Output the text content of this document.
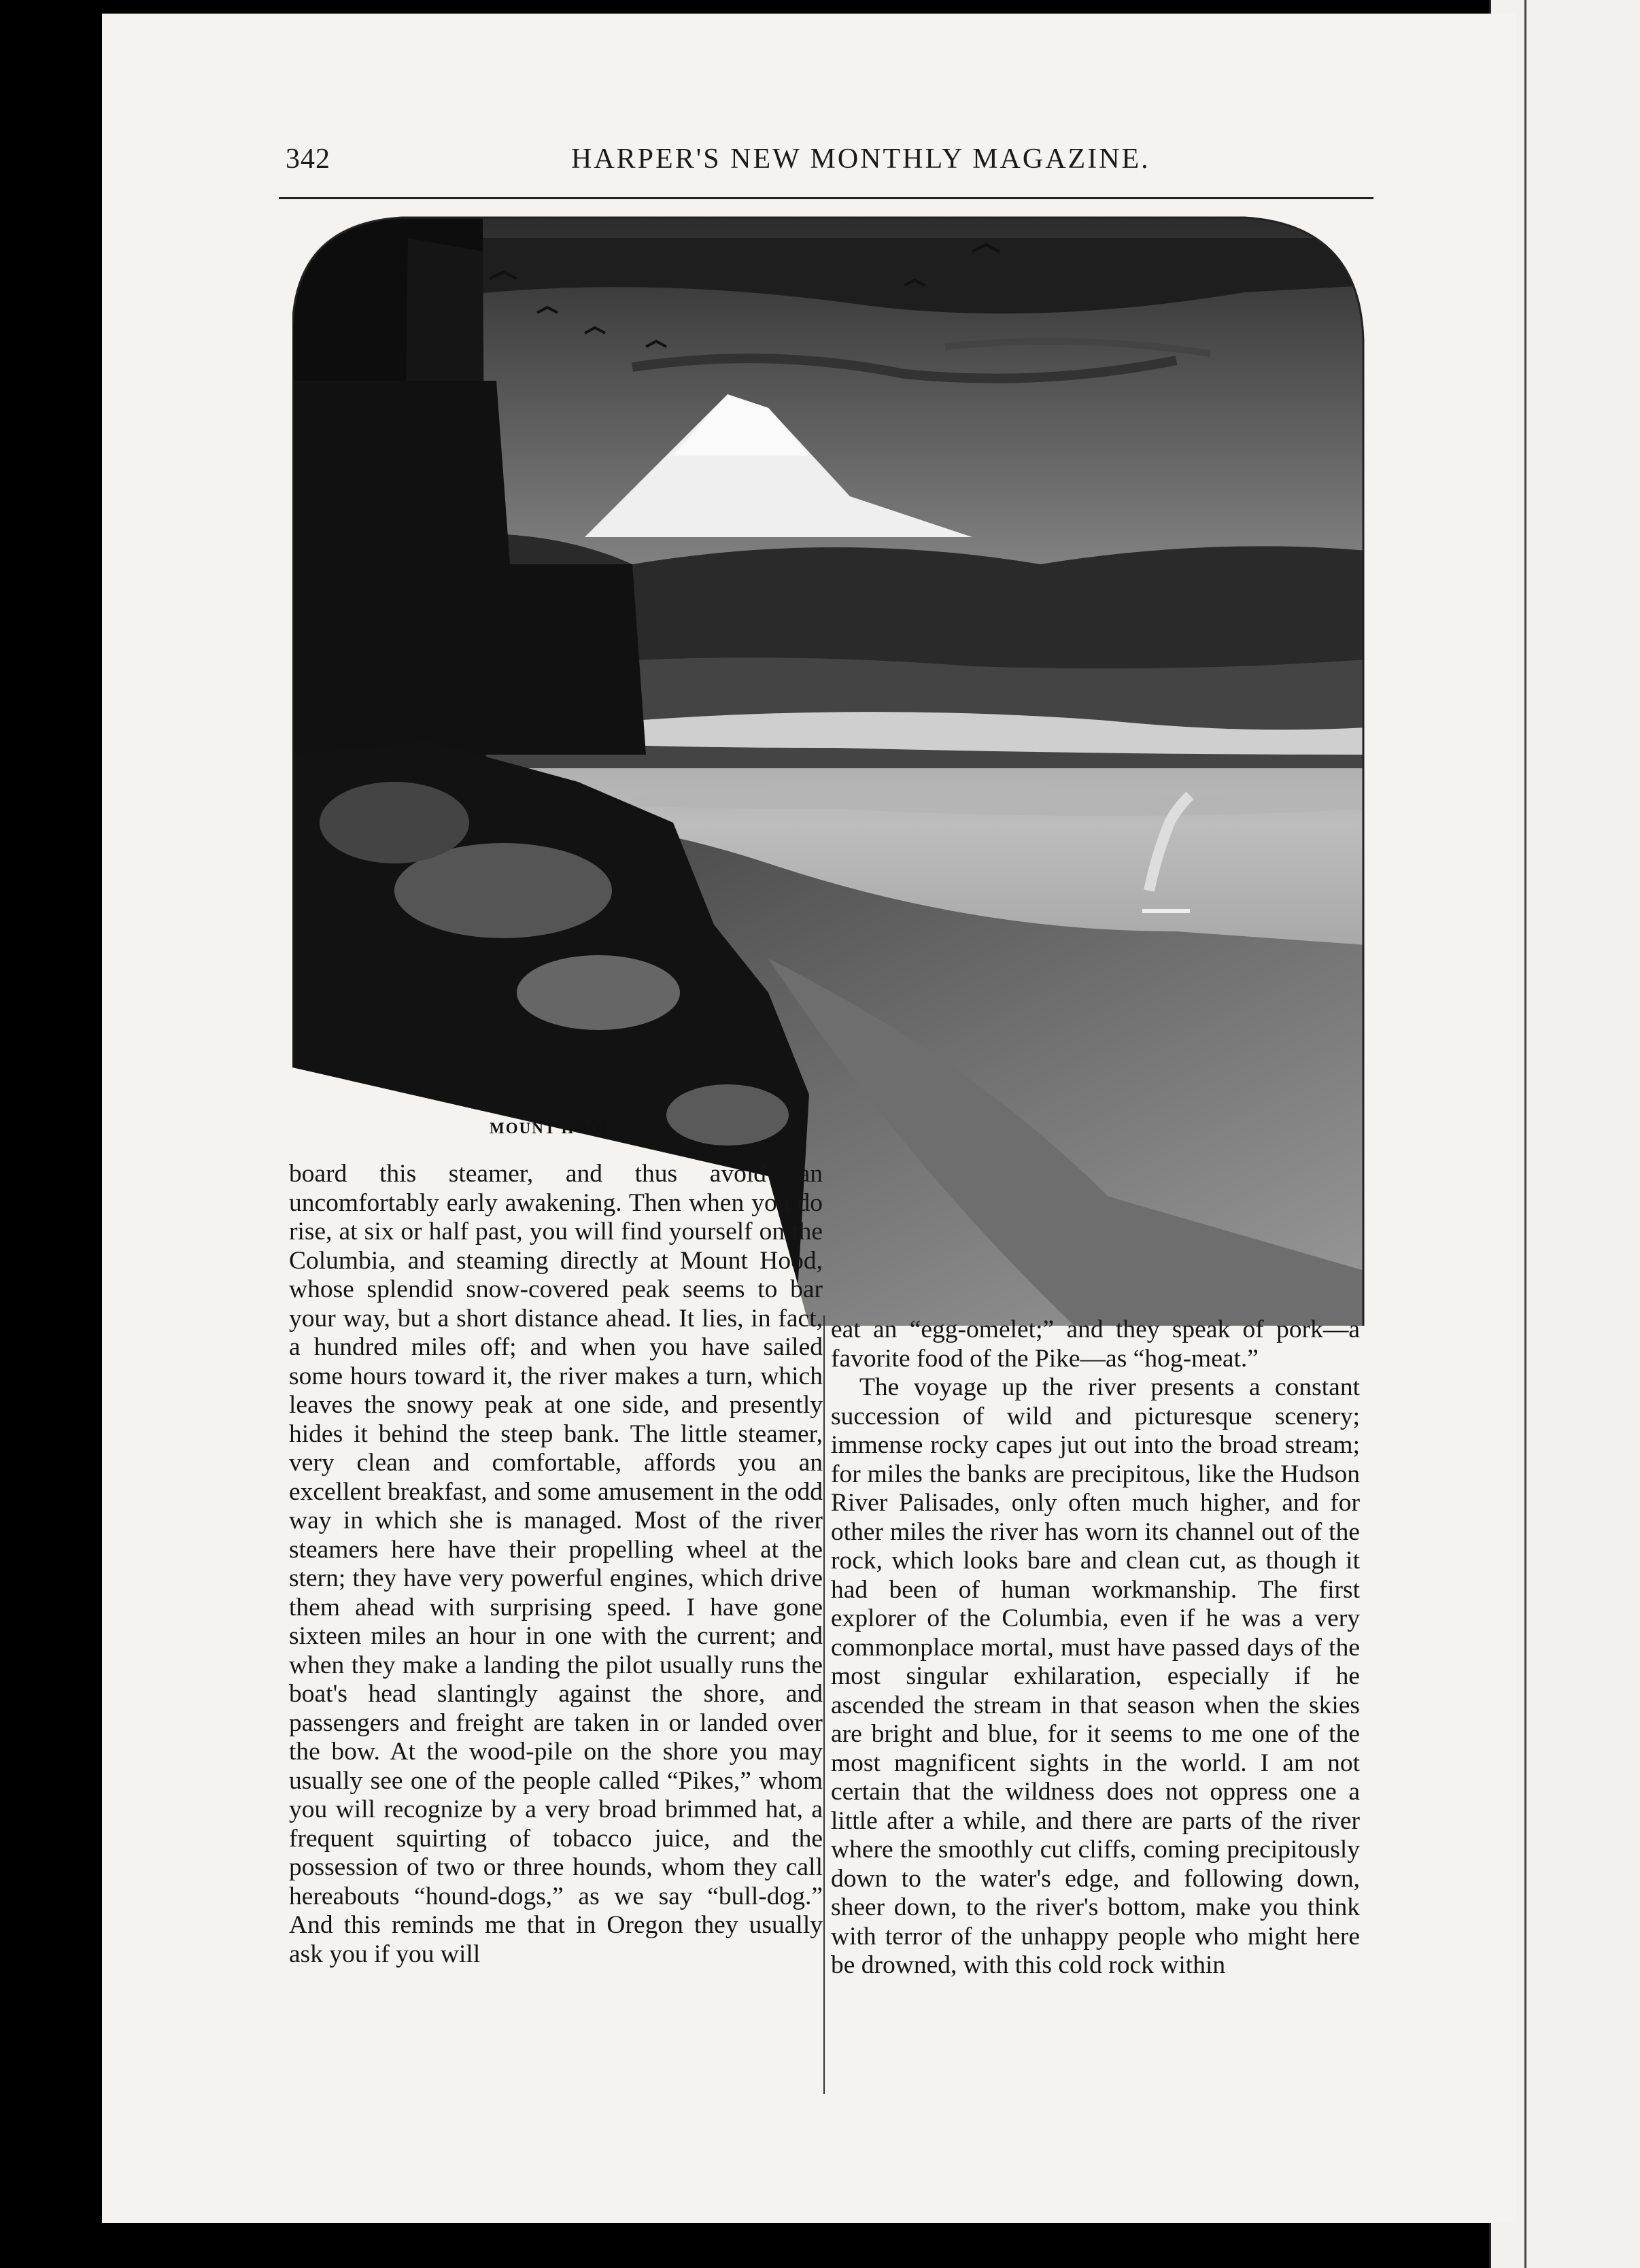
342	HARPER'S NEW MONTHLY MAGAZINE.
MOUNT HOOD.

board this steamer, and thus avoid an uncomfortably early awakening. Then when you do rise, at six or half past, you will find yourself on the Columbia, and steaming directly at Mount Hood, whose splendid snow-covered peak seems to bar your way, but a short distance ahead. It lies, in fact, a hundred miles off; and when you have sailed some hours toward it, the river makes a turn, which leaves the snowy peak at one side, and presently hides it behind the steep bank. The little steamer, very clean and comfortable, affords you an excellent breakfast, and some amusement in the odd way in which she is managed. Most of the river steamers here have their propelling wheel at the stern; they have very powerful engines, which drive them ahead with surprising speed. I have gone sixteen miles an hour in one with the current; and when they make a landing the pilot usually runs the boat's head slantingly against the shore, and passengers and freight are taken in or landed over the bow. At the wood-pile on the shore you may usually see one of the people called “Pikes,” whom you will recognize by a very broad brimmed hat, a frequent squirting of tobacco juice, and the possession of two or three hounds, whom they call hereabouts “hound-dogs,” as we say “bull-dog.” And this reminds me that in Oregon they usually ask you if you will

eat an “egg-omelet;” and they speak of pork—a favorite food of the Pike—as “hog-meat.”

The voyage up the river presents a constant succession of wild and picturesque scenery; immense rocky capes jut out into the broad stream; for miles the banks are precipitous, like the Hudson River Palisades, only often much higher, and for other miles the river has worn its channel out of the rock, which looks bare and clean cut, as though it had been of human workmanship. The first explorer of the Columbia, even if he was a very commonplace mortal, must have passed days of the most singular exhilaration, especially if he ascended the stream in that season when the skies are bright and blue, for it seems to me one of the most magnificent sights in the world. I am not certain that the wildness does not oppress one a little after a while, and there are parts of the river where the smoothly cut cliffs, coming precipitously down to the water's edge, and following down, sheer down, to the river's bottom, make you think with terror of the unhappy people who might here be drowned, with this cold rock within
